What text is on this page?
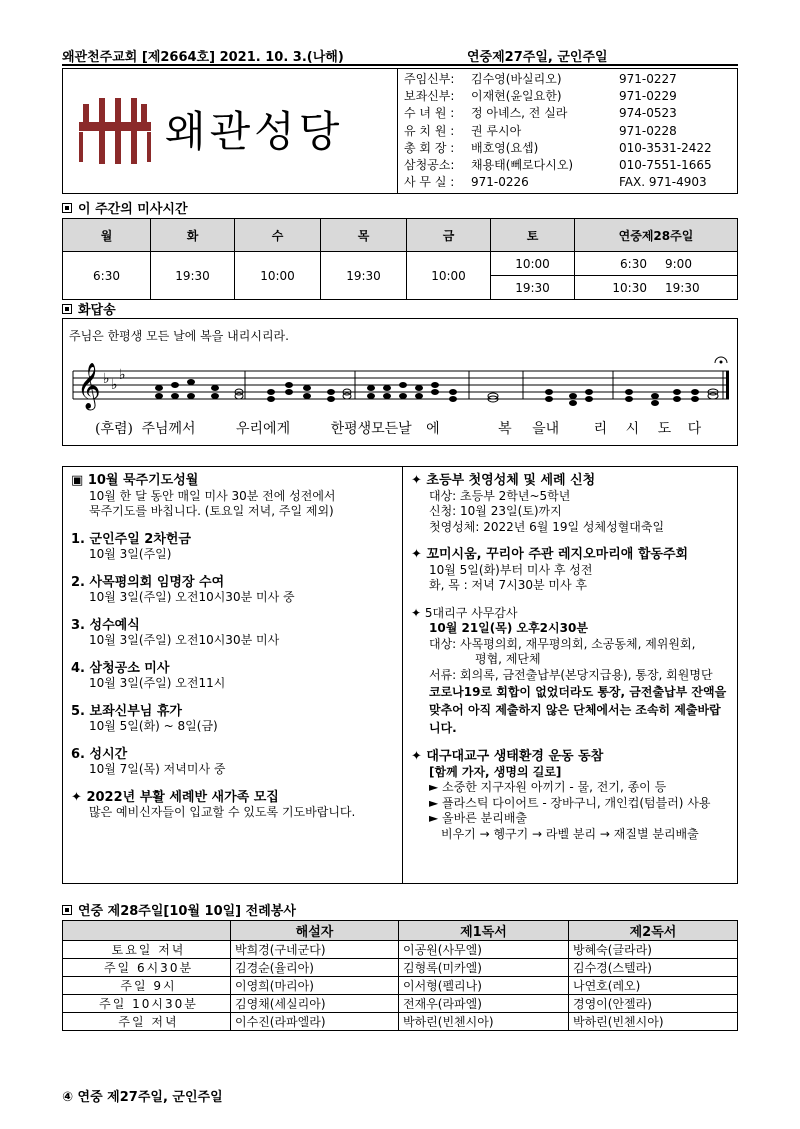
왜관천주교회 [제2664호] 2021. 10. 3.(나해)	연중제27주일, 군인주일
왜관성당
주임신부:	김수영(바실리오)	971-0227
보좌신부:	이재현(윤일요한)	971-0229
수 녀 원 :	정 아녜스, 전 실라	974-0523
유 치 원 :	권 루시아	971-0228
총 회 장 :	배호영(요셉)	010-3531-2422
삼청공소:	채용태(뻬로다시오)	010-7551-1665
사 무 실 :	971-0226	FAX. 971-4903
이 주간의 미사시간
월	화	수	목	금	토	연중제28주일
6:30	19:30	10:00	19:30	10:00	10:00	6:30 9:00

					19:30	10:30 19:30
화답송
주님은 한평생 모든 날에 복을 내리시리라.
𝄞 ♭ ♭
♭
(후렴) 주님께서	우리에게	한평생모든날 에	복 을내 리 시 도 다
▣ 10월 묵주기도성월
10월 한 달 동안 매일 미사 30분 전에 성전에서
묵주기도를 바칩니다. (토요일 저녁, 주일 제외)
1. 군인주일 2차헌금
10월 3일(주일)
2. 사목평의회 임명장 수여
10월 3일(주일) 오전10시30분 미사 중
3. 성수예식
10월 3일(주일) 오전10시30분 미사
4. 삼청공소 미사
10월 3일(주일) 오전11시
5. 보좌신부님 휴가
10월 5일(화) ~ 8일(금)
6. 성시간
10월 7일(목) 저녁미사 중
✦ 2022년 부활 세례반 새가족 모집
많은 예비신자들이 입교할 수 있도록 기도바랍니다.
✦ 초등부 첫영성체 및 세례 신청
대상: 초등부 2학년~5학년
신청: 10월 23일(토)까지
첫영성체: 2022년 6월 19일 성체성혈대축일
✦ 꼬미시움, 꾸리아 주관 레지오마리애 합동주회
10월 5일(화)부터 미사 후 성전
화, 목 : 저녁 7시30분 미사 후
✦ 5대리구 사무감사
10월 21일(목) 오후2시30분
대상: 사목평의회, 재무평의회, 소공동체, 제위원회,
평협, 제단체
서류: 회의록, 금전출납부(본당지급용), 통장, 회원명단
코로나19로 회합이 없었더라도 통장, 금전출납부 잔액을 맞추어 아직 제출하지 않은 단체에서는 조속히 제출바랍니다.
✦ 대구대교구 생태환경 운동 동참
[함께 가자, 생명의 길로]
► 소중한 지구자원 아끼기 - 물, 전기, 종이 등
► 플라스틱 다이어트 - 장바구니, 개인컵(텀블러) 사용
► 올바른 분리배출
비우기 → 헹구기 → 라벨 분리 → 재질별 분리배출
연중 제28주일[10월 10일] 전례봉사
	해설자	제1독서	제2독서
토요일 저녁	박희경(구네군다)	이공원(사무엘)	방혜숙(글라라)
주일 6시30분	김경순(율리아)	김형록(미카엘)	김수경(스텔라)
주일 9시	이영희(마리아)	이서형(펠리나)	나연호(레오)
주일 10시30분	김영채(세실리아)	전재우(라파엘)	경영이(안젤라)
주일 저녁	이수진(라파엘라)	박하린(빈첸시아)	박하린(빈첸시아)
④ 연중 제27주일, 군인주일
